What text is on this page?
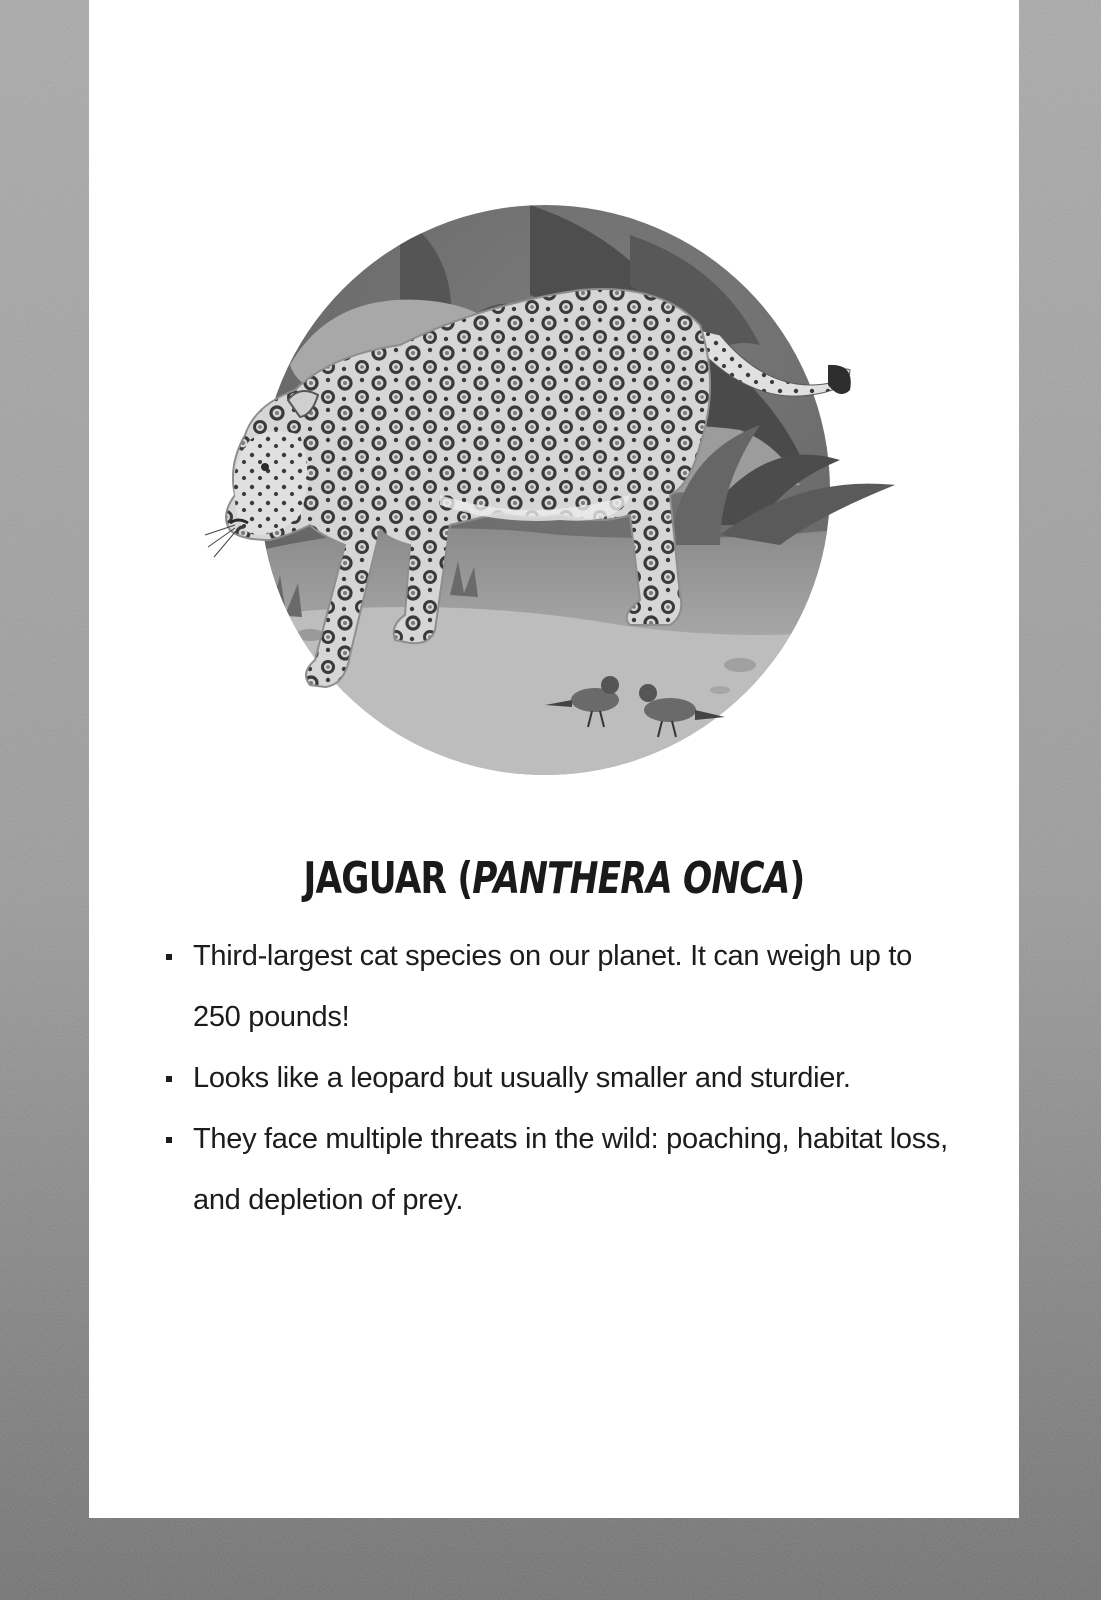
JAGUAR (PANTHERA ONCA)
Third-largest cat species on our planet. It can weigh up to 250 pounds!
Looks like a leopard but usually smaller and sturdier.
They face multiple threats in the wild: poaching, habitat loss, and depletion of prey.
